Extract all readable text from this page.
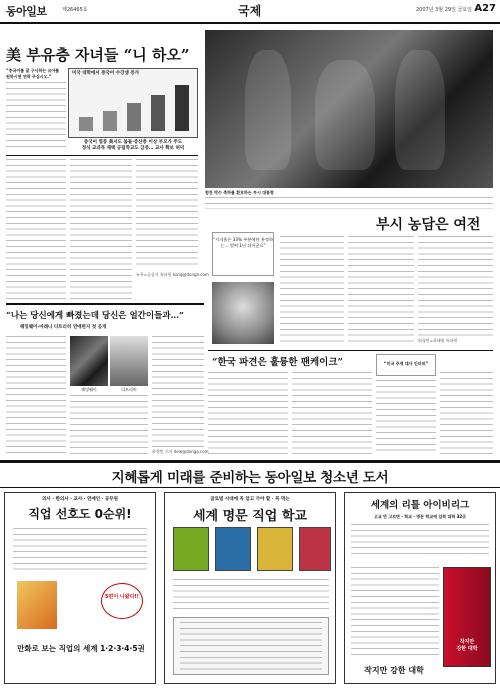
동아일보	제26465호	국제	2007년 3월 29일 금요일 A27
美 부유층 자녀들 “니 하오”
“중국어를 잘 구사하는 유아를
원하시면 연락 주십시오.”
미국 대학에서 중국어 수강생 증가
중국어 열풍 美서도 붐돌·증산층 이상 부모가 주도
정식 교과목 채택 공립학교도 급증… 교사 확보 허덕
뉴욕=공종식 특파원 kong@donga.com
힘찬 박수 축하를 환호하는 부시 대통령
부시 농담은 여전
“지지율은 33% 부분에만 흥정하는… 벌써 1년 뒤이군요”
워싱턴=하태원 특파원
“나는 당신에게 빠졌는데 당신은 얼간이들과…”
헤밍웨이-마레나 디트리히 연애편지 첫 공개
헤밍웨이	디트리히
하정민 기자 dew@donga.com
“한국 파견은 훌륭한 팬케이크”	“미국 주재 대사 인터뷰”
지혜롭게 미래를 준비하는 동아일보 청소년 도서
의사 · 한의사 · 교사 · 연예인 · 공무원
직업 선호도 0순위!
5편이 나왔다!!
만화로 보는 직업의 세계 1·2·3·4·5권
글로벌 시대에 꼭 알고 가야 할 · 꼭 먹는
세계 명문 직업 학교
세계의 리틀 아이비리그
고교 만 고르면 · 학교 · 명문 학교에 입학 대학 32곳
작지만
강한 대학
작지만 강한 대학
